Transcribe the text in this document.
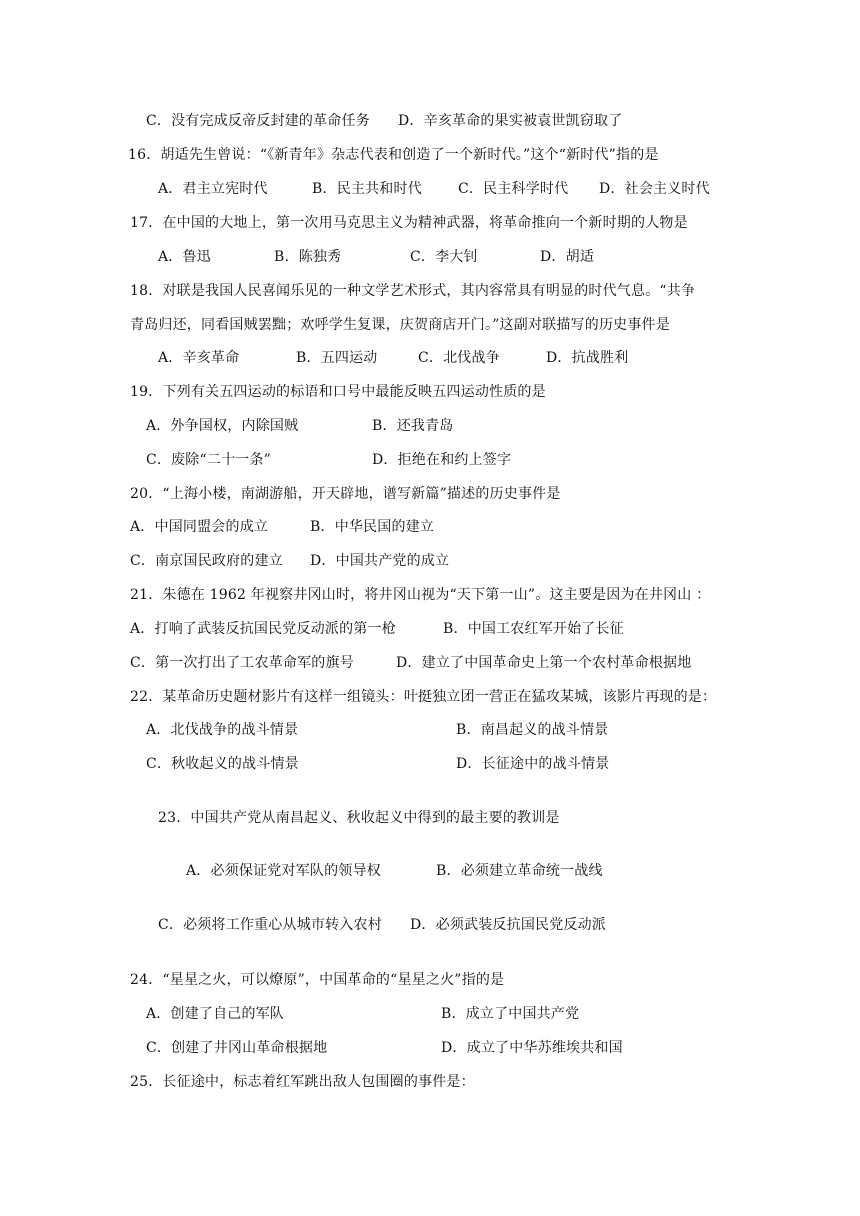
C．没有完成反帝反封建的革命任务 D．辛亥革命的果实被袁世凯窃取了
16．胡适先生曾说：“《新青年》杂志代表和创造了一个新时代。”这个“新时代”指的是
A．君主立宪时代	B．民主共和时代	C．民主科学时代 D．社会主义时代
17．在中国的大地上，第一次用马克思主义为精神武器，将革命推向一个新时期的人物是
A．鲁迅	B．陈独秀	C．李大钊	D．胡适
18．对联是我国人民喜闻乐见的一种文学艺术形式，其内容常具有明显的时代气息。“共争
青岛归还，同看国贼罢黜；欢呼学生复课，庆贺商店开门。”这副对联描写的历史事件是
A．辛亥革命	B．五四运动	C．北伐战争	D．抗战胜利
19．下列有关五四运动的标语和口号中最能反映五四运动性质的是
A．外争国权，内除国贼	B．还我青岛
C．废除“二十一条”	D．拒绝在和约上签字
20．“上海小楼，南湖游船，开天辟地，谱写新篇”描述的历史事件是
A．中国同盟会的成立	B．中华民国的建立
C．南京国民政府的建立 D．中国共产党的成立
21．朱德在 1962 年视察井冈山时，将井冈山视为“天下第一山”。这主要是因为在井冈山 ：
A．打响了武装反抗国民党反动派的第一枪	B．中国工农红军开始了长征
C．第一次打出了工农革命军的旗号	D．建立了中国革命史上第一个农村革命根据地
22．某革命历史题材影片有这样一组镜头：叶挺独立团一营正在猛攻某城，该影片再现的是：
A．北伐战争的战斗情景	B．南昌起义的战斗情景
C．秋收起义的战斗情景	D．长征途中的战斗情景
23．中国共产党从南昌起义、秋收起义中得到的最主要的教训是
A．必须保证党对军队的领导权	B．必须建立革命统一战线
C．必须将工作重心从城市转入农村 D．必须武装反抗国民党反动派
24．“星星之火，可以燎原”，中国革命的“星星之火”指的是
A．创建了自己的军队	B．成立了中国共产党
C．创建了井冈山革命根据地	D．成立了中华苏维埃共和国
25．长征途中，标志着红军跳出敌人包围圈的事件是：
